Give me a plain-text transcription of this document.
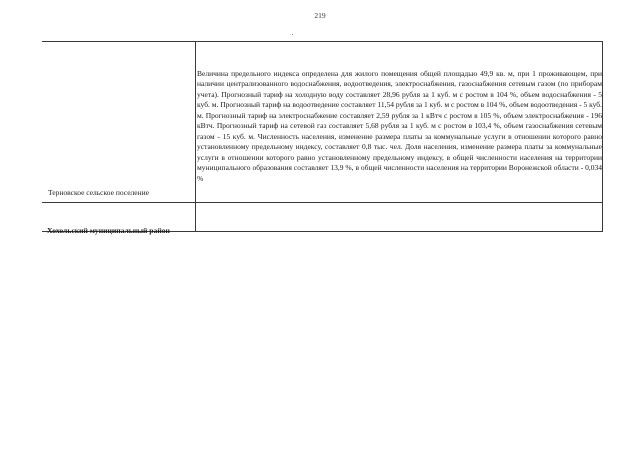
219
Терновское сельское поселение

Величина предельного индекса определена для жилого помещения общей площадью 49,9 кв. м, при 1 проживающем, при наличии централизованного водоснабжения, водоотведения, электроснабжения, газоснабжения сетевым газом (по приборам учета). Прогнозный тариф на холодную воду составляет 28,96 рубля за 1 куб. м с ростом в 104 %, объем водоснабжения - 5 куб. м. Прогнозный тариф на водоотведение составляет 11,54 рубля за 1 куб. м с ростом в 104 %, объем водоотведения - 5 куб. м. Прогнозный тариф на электроснабжение составляет 2,59 рубля за 1 кВтч с ростом в 105 %, объем электроснабжения - 196 кВтч. Прогнозный тариф на сетевой газ составляет 5,68 рубля за 1 куб. м с ростом в 103,4 %, объем газоснабжения сетевым газом - 15 куб. м. Численность населения, изменение размера платы за коммунальные услуги в отношении которого равно установленному предельному индексу, составляет 0,8 тыс. чел. Доля населения, изменение размера платы за коммунальные услуги в отношении которого равно установленному предельному индексу, в общей численности населения на территории муниципального образования составляет 13,9 %, в общей численности населения на территории Воронежской области - 0,034 %

Хохольский муниципальный район
